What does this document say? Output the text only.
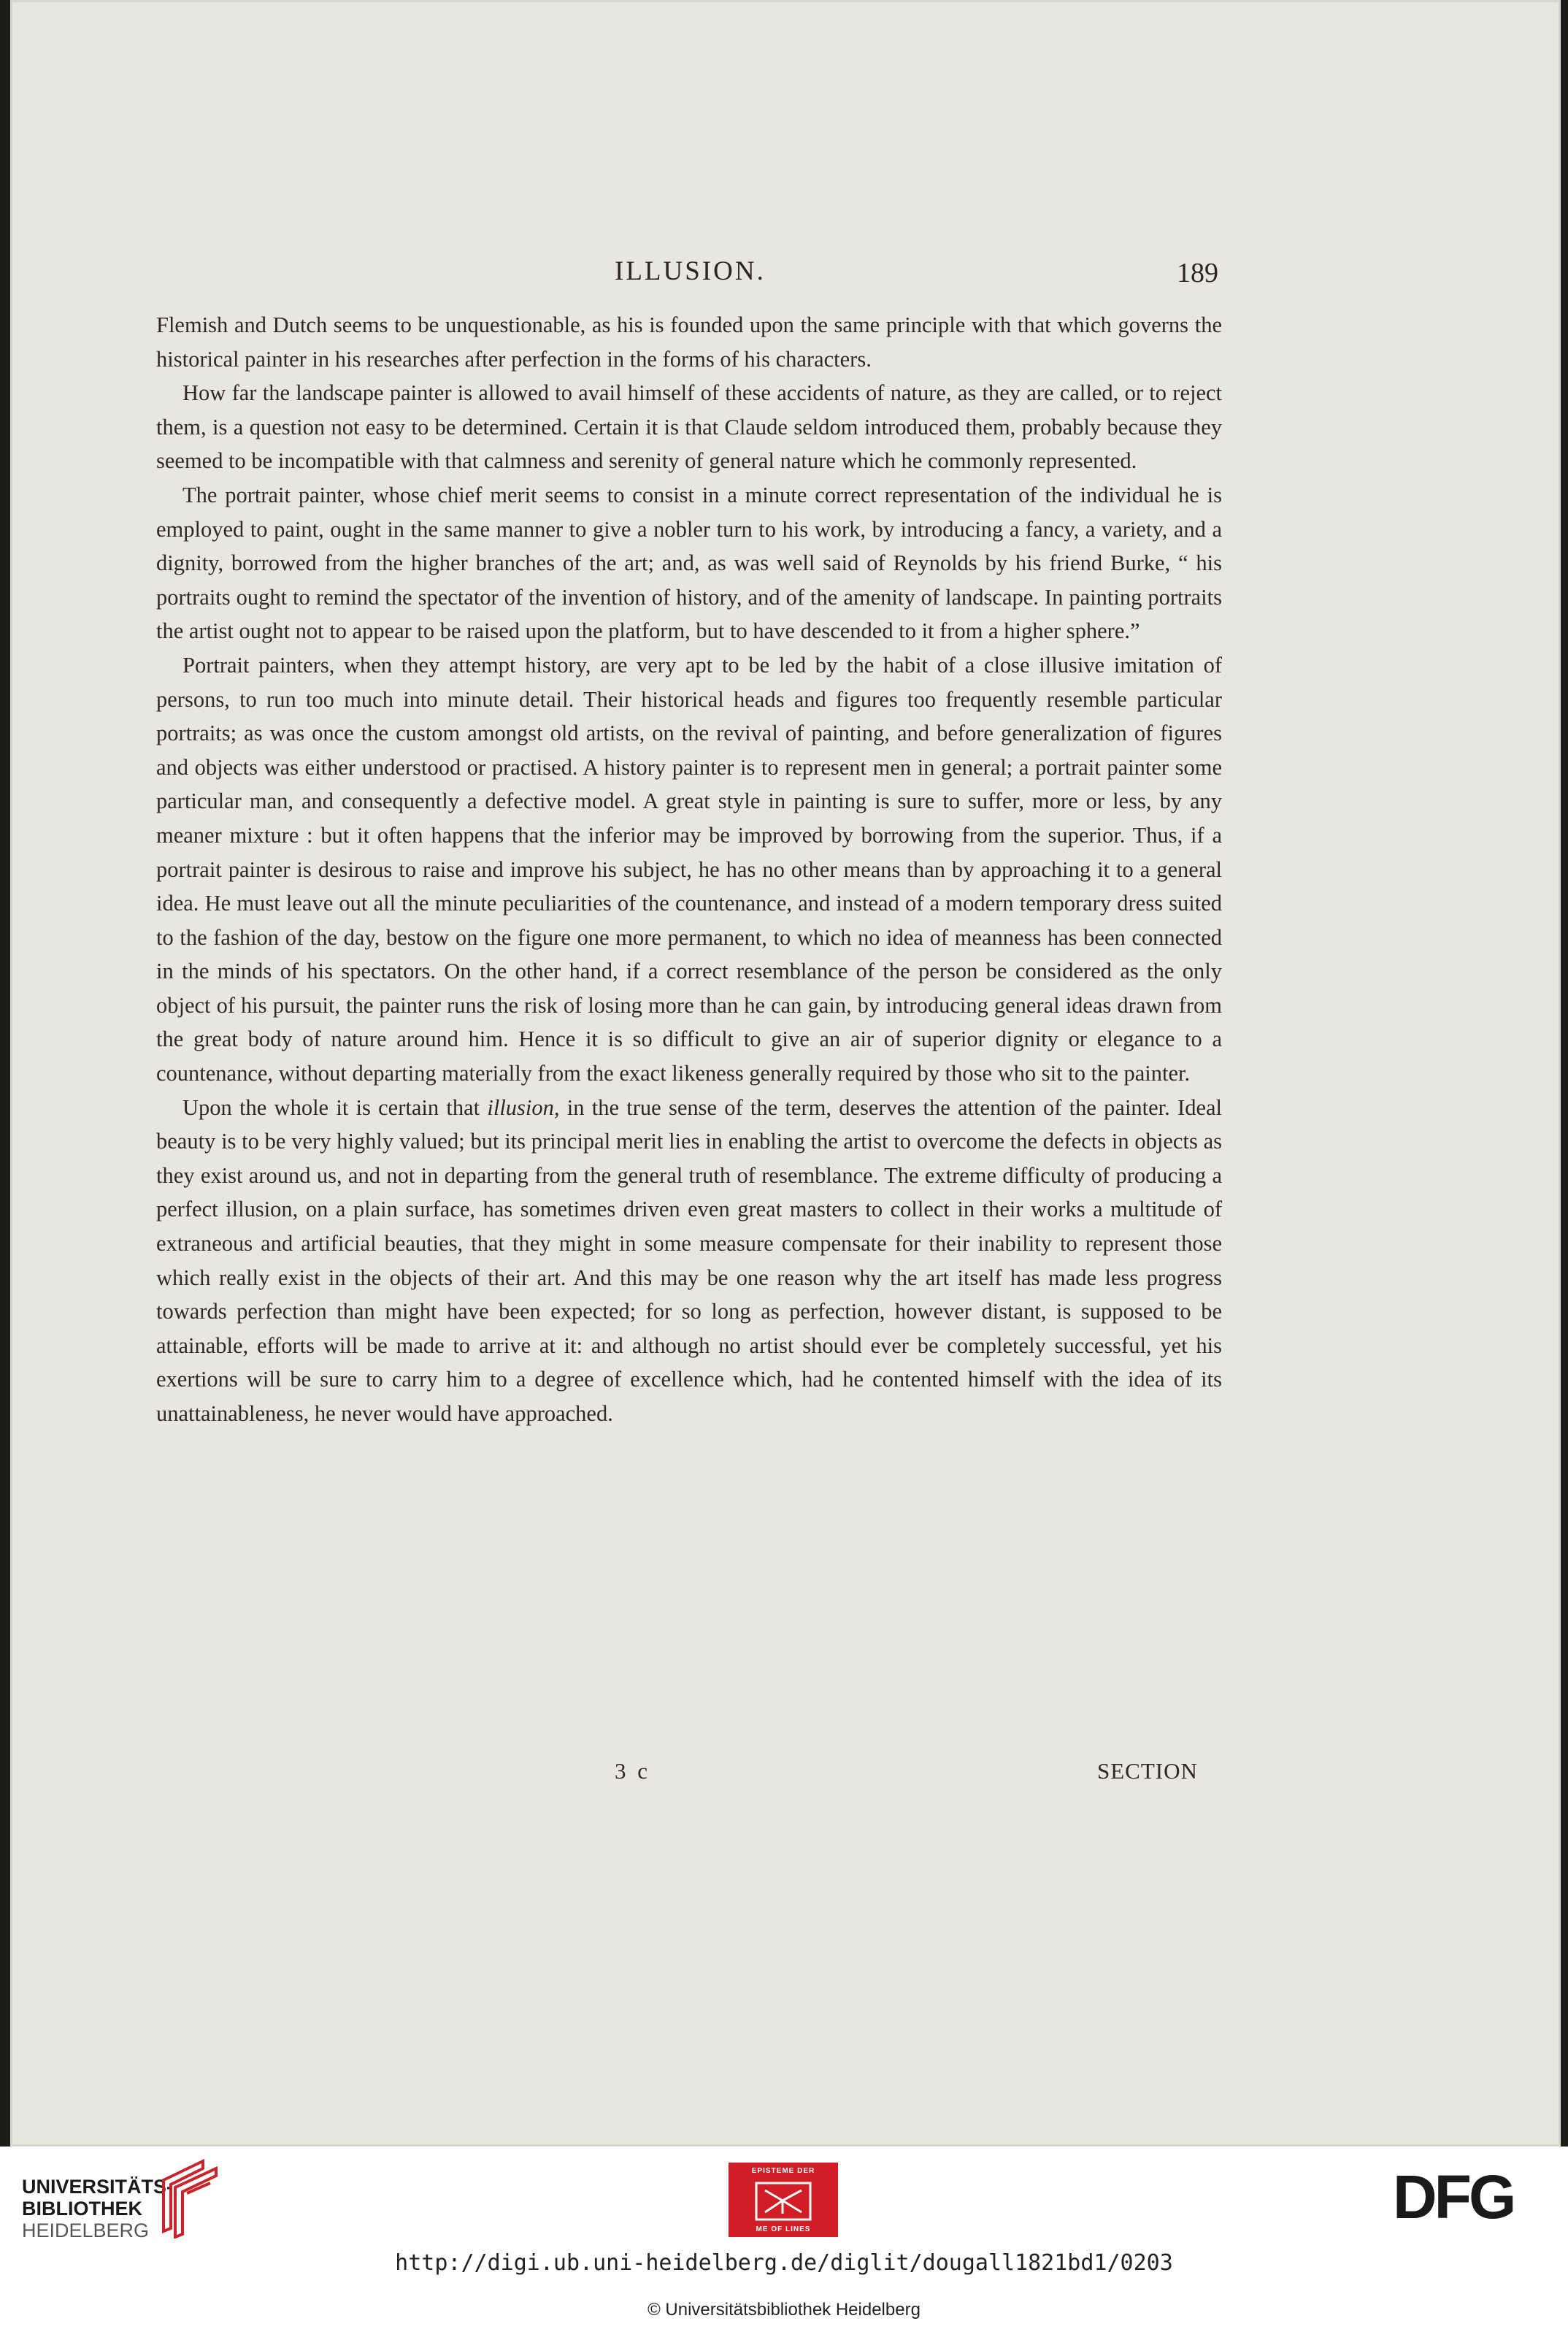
ILLUSION.	189

Flemish and Dutch seems to be unquestionable, as his is founded upon the same principle with that which governs the historical painter in his researches after perfection in the forms of his characters.

How far the landscape painter is allowed to avail himself of these accidents of nature, as they are called, or to reject them, is a question not easy to be determined. Certain it is that Claude seldom introduced them, probably because they seemed to be incompatible with that calmness and serenity of general nature which he commonly represented.

The portrait painter, whose chief merit seems to consist in a minute correct representation of the individual he is employed to paint, ought in the same manner to give a nobler turn to his work, by introducing a fancy, a variety, and a dignity, borrowed from the higher branches of the art; and, as was well said of Reynolds by his friend Burke, “ his portraits ought to remind the spectator of the invention of history, and of the amenity of landscape. In painting portraits the artist ought not to appear to be raised upon the platform, but to have descended to it from a higher sphere.”

Portrait painters, when they attempt history, are very apt to be led by the habit of a close illusive imitation of persons, to run too much into minute detail. Their historical heads and figures too frequently resemble particular portraits; as was once the custom amongst old artists, on the revival of painting, and before generalization of figures and objects was either understood or practised. A history painter is to represent men in general; a portrait painter some particular man, and consequently a defective model. A great style in painting is sure to suffer, more or less, by any meaner mixture : but it often happens that the inferior may be improved by borrowing from the superior. Thus, if a portrait painter is desirous to raise and improve his subject, he has no other means than by approaching it to a general idea. He must leave out all the minute peculiarities of the countenance, and instead of a modern temporary dress suited to the fashion of the day, bestow on the figure one more permanent, to which no idea of meanness has been connected in the minds of his spectators. On the other hand, if a correct resemblance of the person be considered as the only object of his pursuit, the painter runs the risk of losing more than he can gain, by introducing general ideas drawn from the great body of nature around him. Hence it is so difficult to give an air of superior dignity or elegance to a countenance, without departing materially from the exact likeness generally required by those who sit to the painter.

Upon the whole it is certain that illusion, in the true sense of the term, deserves the attention of the painter. Ideal beauty is to be very highly valued; but its principal merit lies in enabling the artist to overcome the defects in objects as they exist around us, and not in departing from the general truth of resemblance. The extreme difficulty of producing a perfect illusion, on a plain surface, has sometimes driven even great masters to collect in their works a multitude of extraneous and artificial beauties, that they might in some measure compensate for their inability to represent those which really exist in the objects of their art. And this may be one reason why the art itself has made less progress towards perfection than might have been expected; for so long as perfection, however distant, is supposed to be attainable, efforts will be made to arrive at it: and although no artist should ever be completely successful, yet his exertions will be sure to carry him to a degree of excellence which, had he contented himself with the idea of its unattainableness, he never would have approached.

3 c	SECTION
UNIVERSITÄTS-
BIBLIOTHEK
HEIDELBERG
EPISTEME DER
ME OF LINES	DFG
http://digi.ub.uni-heidelberg.de/diglit/dougall1821bd1/0203
© Universitätsbibliothek Heidelberg
